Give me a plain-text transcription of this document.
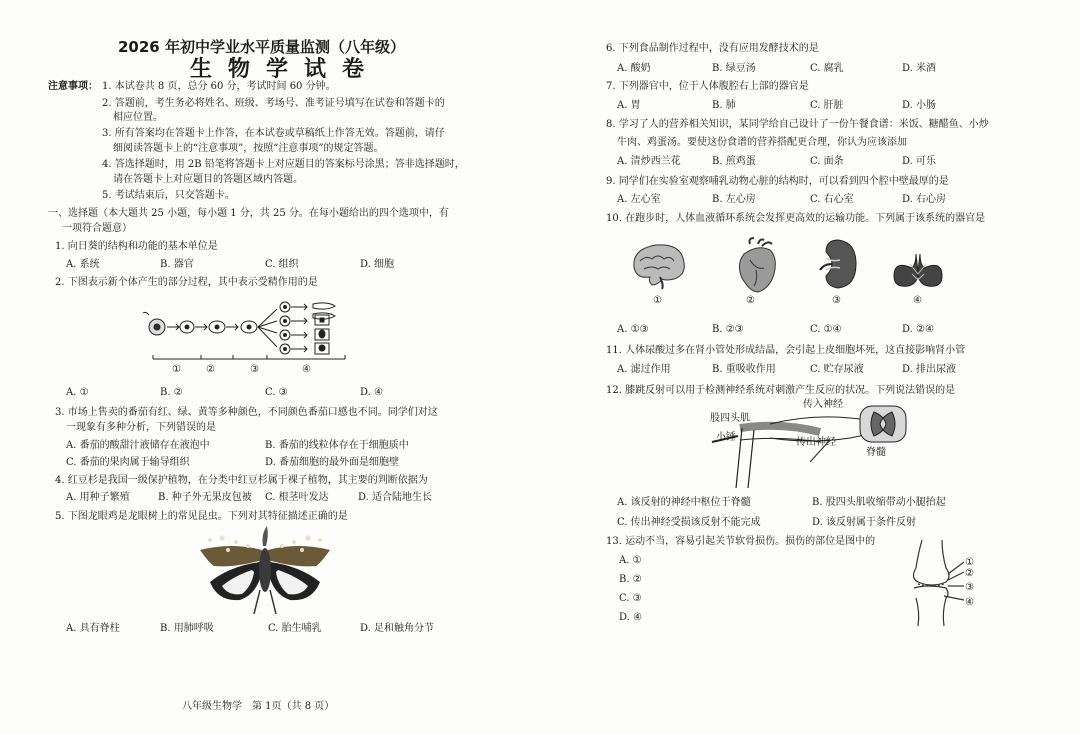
2026 年初中学业水平质量监测（八年级）
生物学试卷
注意事项： 1. 本试卷共 8 页，总分 60 分，考试时间 60 分钟。
2. 答题前，考生务必将姓名、班级、考场号、准考证号填写在试卷和答题卡的
相应位置。
3. 所有答案均在答题卡上作答，在本试卷或草稿纸上作答无效。答题前，请仔
细阅读答题卡上的“注意事项”，按照“注意事项”的规定答题。
4. 答选择题时，用 2B 铅笔将答题卡上对应题目的答案标号涂黑；答非选择题时，
请在答题卡上对应题目的答题区域内答题。
5. 考试结束后，只交答题卡。
一、选择题（本大题共 25 小题，每小题 1 分，共 25 分。在每小题给出的四个选项中，有
一项符合题意）
1. 向日葵的结构和功能的基本单位是
A. 系统	B. 器官	C. 组织	D. 细胞
2. 下图表示新个体产生的部分过程，其中表示受精作用的是
①	②	③	④
A. ①	B. ②	C. ③	D. ④
3. 市场上售卖的番茄有红、绿、黄等多种颜色，不同颜色番茄口感也不同。同学们对这
一现象有多种分析，下列错误的是
A. 番茄的酸甜汁液储存在液泡中	B. 番茄的线粒体存在于细胞质中
C. 番茄的果肉属于输导组织	D. 番茄细胞的最外面是细胞壁
4. 红豆杉是我国一级保护植物，在分类中红豆杉属于裸子植物，其主要的判断依据为
A. 用种子繁殖	B. 种子外无果皮包被 C. 根茎叶发达	D. 适合陆地生长
5. 下图龙眼鸡是龙眼树上的常见昆虫。下列对其特征描述正确的是
A. 具有脊柱	B. 用肺呼吸	C. 胎生哺乳	D. 足和触角分节
八年级生物学　第 1页（共 8 页）
6. 下列食品制作过程中，没有应用发酵技术的是
A. 酸奶	B. 绿豆汤	C. 腐乳	D. 米酒
7. 下列器官中，位于人体腹腔右上部的器官是
A. 胃	B. 肺	C. 肝脏	D. 小肠
8. 学习了人的营养相关知识，某同学给自己设计了一份午餐食谱：米饭、糖醋鱼、小炒
牛肉、鸡蛋汤。要使这份食谱的营养搭配更合理，你认为应该添加
A. 清炒西兰花	B. 煎鸡蛋	C. 面条	D. 可乐
9. 同学们在实验室观察哺乳动物心脏的结构时，可以看到四个腔中壁最厚的是
A. 左心室	B. 左心房	C. 右心室	D. 右心房
10. 在跑步时，人体血液循环系统会发挥更高效的运输功能。下列属于该系统的器官是
①	②	③	④
A. ①③	B. ②③	C. ①④	D. ②④
11. 人体尿酸过多在肾小管处形成结晶，会引起上皮细胞坏死，这直接影响肾小管
A. 滤过作用	B. 重吸收作用	C. 贮存尿液	D. 排出尿液
12. 膝跳反射可以用于检测神经系统对刺激产生反应的状况。下列说法错误的是
传入神经
股四头肌
小锤	传出神经
脊髓
A. 该反射的神经中枢位于脊髓	B. 股四头肌收缩带动小腿抬起
C. 传出神经受损该反射不能完成	D. 该反射属于条件反射
13. 运动不当，容易引起关节软骨损伤。损伤的部位是图中的
A. ①
B. ②
C. ③
D. ④
①
②
③
④
